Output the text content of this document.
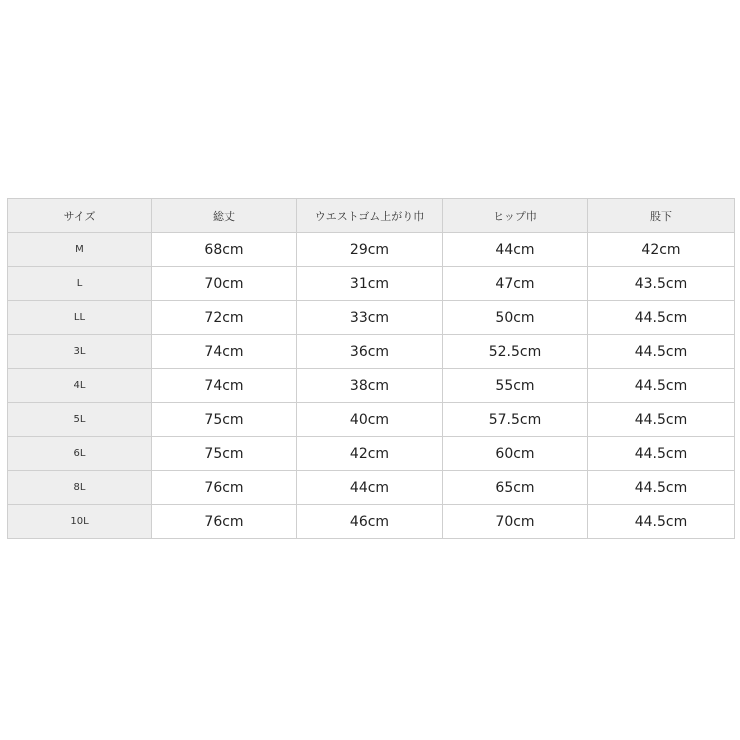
サイズ	総丈	ウエストゴム上がり巾	ヒップ巾	股下
M	68cm	29cm	44cm	42cm
L	70cm	31cm	47cm	43.5cm
LL	72cm	33cm	50cm	44.5cm
3L	74cm	36cm	52.5cm	44.5cm
4L	74cm	38cm	55cm	44.5cm
5L	75cm	40cm	57.5cm	44.5cm
6L	75cm	42cm	60cm	44.5cm
8L	76cm	44cm	65cm	44.5cm
10L	76cm	46cm	70cm	44.5cm
